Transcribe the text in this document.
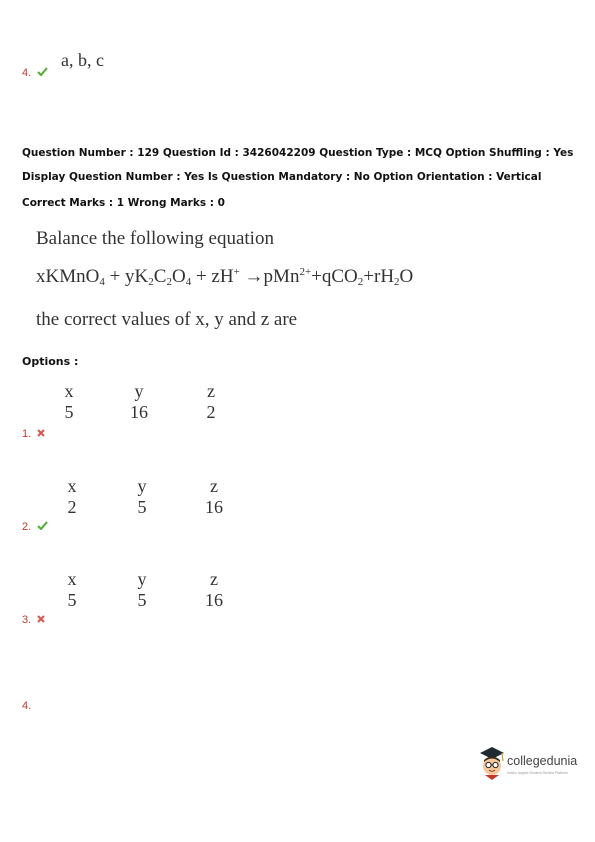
4.
a, b, c
Question Number : 129 Question Id : 3426042209 Question Type : MCQ Option Shuffling : Yes
Display Question Number : Yes Is Question Mandatory : No Option Orientation : Vertical
Correct Marks : 1 Wrong Marks : 0
Balance the following equation
xKMnO$_4$ + $yK_2C_2O_4 + zH^+ \to pMn^{2+}+qCO_2+rH_2O$
the correct values of x, y and z are
Options :
x	y	z
5	16	2
1.
x	y	z
2	5	16
2.
x	y	z
5	5	16
3.
4.
collegedunia
India's largest Student Review Platform
